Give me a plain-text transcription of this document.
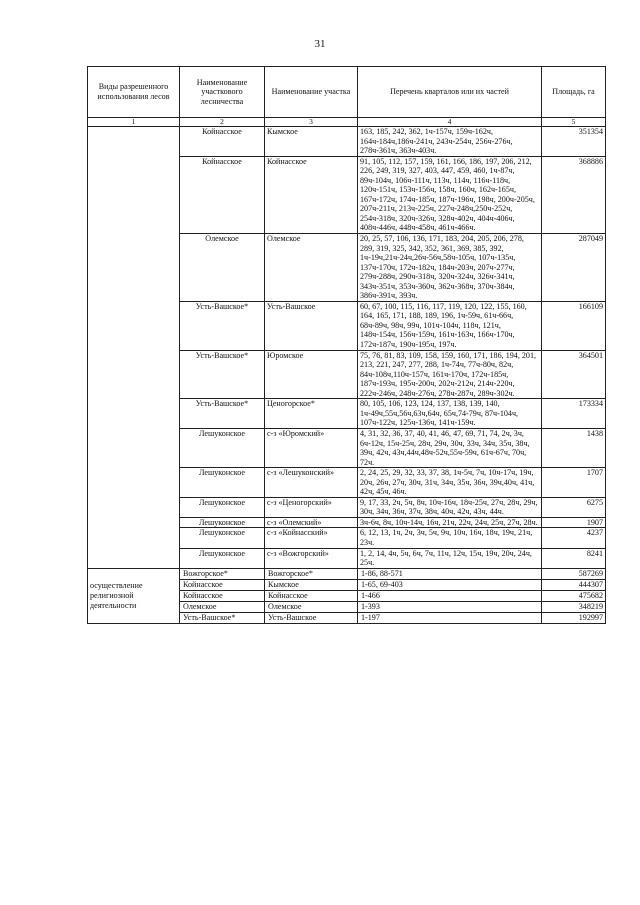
31
Виды разрешенного использования лесов	Наименование участкового лесничества	Наименование участка	Перечень кварталов или их частей	Площадь, га
1	2	3	4	5
	Койнасское	Кымское	163, 185, 242, 362, 1ч-157ч, 159ч-162ч, 164ч-184ч,186ч-241ч, 243ч-254ч, 256ч-276ч, 278ч-361ч, 363ч-403ч.	351354
	Койнасское	Койнасское	91, 105, 112, 157, 159, 161, 166, 186, 197, 206, 212, 226, 249, 319, 327, 403, 447, 459, 460, 1ч-87ч, 89ч-104ч, 106ч-111ч, 113ч, 114ч, 116ч-118ч, 120ч-151ч, 153ч-156ч, 158ч, 160ч, 162ч-165ч, 167ч-172ч, 174ч-185ч, 187ч-196ч, 198ч, 200ч-205ч, 207ч-211ч, 213ч-225ч, 227ч-248ч,250ч-252ч, 254ч-318ч, 320ч-326ч, 328ч-402ч, 404ч-406ч, 408ч-446ч, 448ч-458ч, 461ч-466ч.	368886
	Олемское	Олемское	20, 25, 57, 106, 136, 171, 183, 204, 205, 206, 278, 289, 319, 325, 342, 352, 361, 369, 385, 392, 1ч-19ч,21ч-24ч,26ч-56ч,58ч-105ч, 107ч-135ч, 137ч-170ч, 172ч-182ч, 184ч-203ч, 207ч-277ч, 279ч-288ч, 290ч-318ч, 320ч-324ч, 326ч-341ч, 343ч-351ч, 353ч-360ч, 362ч-368ч, 370ч-384ч, 386ч-391ч, 393ч.	287049
	Усть-Вашское*	Усть-Вашское	60, 67, 100, 115, 116, 117, 119, 120, 122, 155, 160, 164, 165, 171, 188, 189, 196, 1ч-59ч, 61ч-66ч, 68ч-89ч, 98ч, 99ч, 101ч-104ч, 118ч, 121ч, 148ч-154ч, 156ч-159ч, 161ч-163ч, 166ч-170ч, 172ч-187ч, 190ч-195ч, 197ч.	166109
	Усть-Вашское*	Юромское	75, 76, 81, 83, 109, 158, 159, 160, 171, 186, 194, 201, 213, 221, 247, 277, 288, 1ч-74ч, 77ч-80ч, 82ч, 84ч-108ч,110ч-157ч, 161ч-170ч, 172ч-185ч, 187ч-193ч, 195ч-200ч, 202ч-212ч, 214ч-220ч, 222ч-246ч, 248ч-276ч, 278ч-287ч, 289ч-302ч.	364501
	Усть-Вашское*	Ценогорское*	80, 105, 106, 123, 124, 137, 138, 139, 140, 1ч-49ч,55ч,56ч,63ч,64ч, 65ч,74-79ч, 87ч-104ч, 107ч-122ч, 125ч-136ч, 141ч-159ч.	173334
	Лешуконское	с-з «Юромский»	4, 31, 32, 36, 37, 40, 41, 46, 47, 69, 71, 74, 2ч, 3ч, 6ч-12ч, 15ч-25ч, 28ч, 29ч, 30ч, 33ч, 34ч, 35ч, 38ч, 39ч, 42ч, 43ч,44ч,48ч-52ч,55ч-59ч, 61ч-67ч, 70ч, 72ч.	1438
	Лешуконское	с-з «Лешуконский»	2, 24, 25, 29, 32, 33, 37, 38, 1ч-5ч, 7ч, 10ч-17ч, 19ч, 20ч, 26ч, 27ч, 30ч, 31ч, 34ч, 35ч, 36ч, 39ч,40ч, 41ч, 42ч, 45ч, 46ч.	1707
	Лешуконское	с-з «Ценогорский»	9, 17, 33, 2ч, 5ч, 8ч, 10ч-16ч, 18ч-25ч, 27ч, 28ч, 29ч, 30ч, 34ч, 36ч, 37ч, 38ч, 40ч, 42ч, 43ч, 44ч.	6275
	Лешуконское	с-з «Олемский»	3ч-6ч, 8ч, 10ч-14ч, 16ч, 21ч, 22ч, 24ч, 25ч, 27ч, 28ч.	1907
	Лешуконское	с-з «Койнасский»	6, 12, 13, 1ч, 2ч, 3ч, 5ч, 9ч, 10ч, 16ч, 18ч, 19ч, 21ч, 23ч.	4237
	Лешуконское	с-з «Вожгорский»	1, 2, 14, 4ч, 5ч, 6ч, 7ч, 11ч, 12ч, 15ч, 19ч, 20ч, 24ч, 25ч.	8241
осуществление религиозной деятельности	Вожгорское*	Вожгорское*	1-86, 88-571	587269
	Койнасское	Кымское	1-65, 69-403	444307
	Койнасское	Койнасское	1-466	475682
	Олемское	Олемское	1-393	348219
	Усть-Вашское*	Усть-Вашское	1-197	192997
